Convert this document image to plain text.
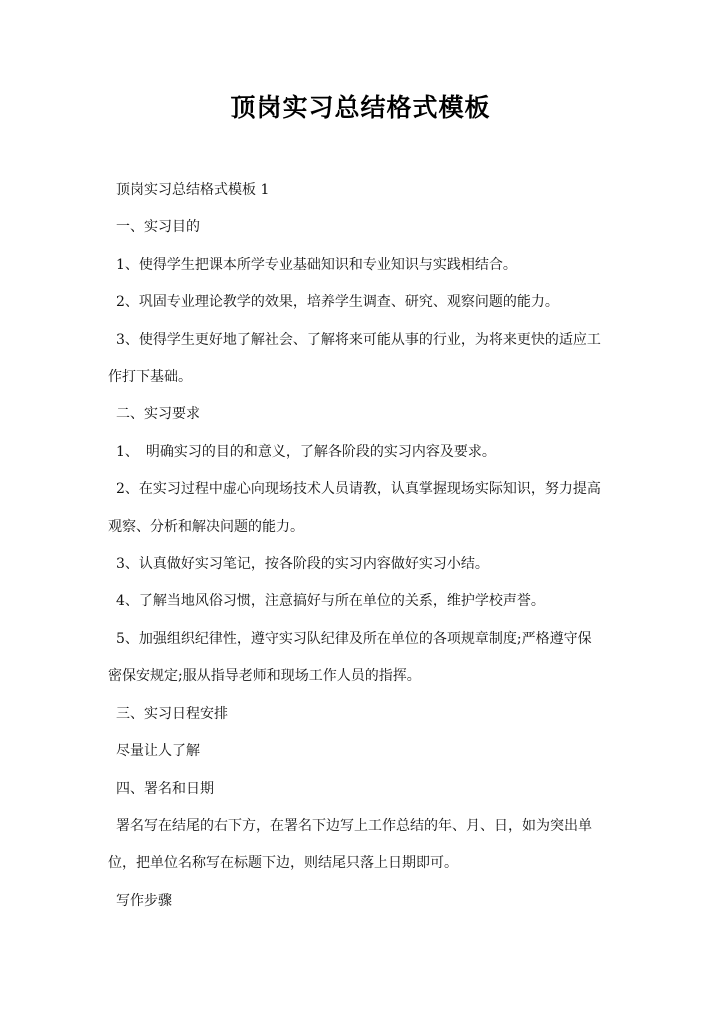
顶岗实习总结格式模板
顶岗实习总结格式模板 1
一、实习目的
1、使得学生把课本所学专业基础知识和专业知识与实践相结合。
2、巩固专业理论教学的效果，培养学生调查、研究、观察问题的能力。
3、使得学生更好地了解社会、了解将来可能从事的行业，为将来更快的适应工
作打下基础。
二、实习要求
1、　明确实习的目的和意义，了解各阶段的实习内容及要求。
2、在实习过程中虚心向现场技术人员请教，认真掌握现场实际知识，努力提高
观察、分析和解决问题的能力。
3、认真做好实习笔记，按各阶段的实习内容做好实习小结。
4、了解当地风俗习惯，注意搞好与所在单位的关系，维护学校声誉。
5、加强组织纪律性，遵守实习队纪律及所在单位的各项规章制度;严格遵守保
密保安规定;服从指导老师和现场工作人员的指挥。
三、实习日程安排
尽量让人了解
四、署名和日期
署名写在结尾的右下方，在署名下边写上工作总结的年、月、日，如为突出单
位，把单位名称写在标题下边，则结尾只落上日期即可。
写作步骤
